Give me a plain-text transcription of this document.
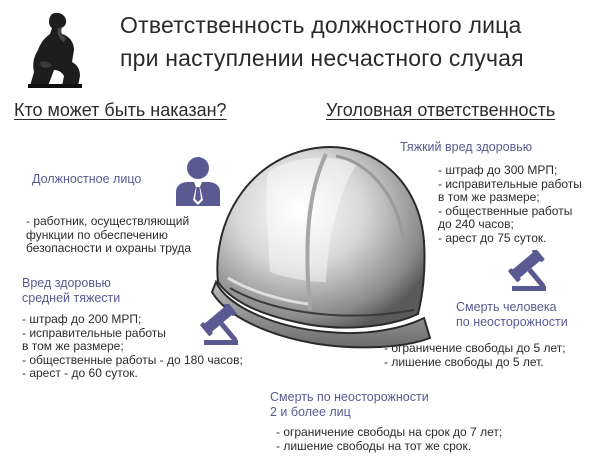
Ответственность должностного лица
при наступлении несчастного случая
Кто может быть наказан?	Уголовная ответственность
Должностное лицо
- работник, осуществляющий
функции по обеспечению
безопасности и охраны труда
Вред здоровью
средней тяжести
- штраф до 200 МРП;
- исправительные работы
в том же размере;
- общественные работы - до 180 часов;
- арест - до 60 суток.
Тяжкий вред здоровью
- штраф до 300 МРП;
- исправительные работы
в том же размере;
- общественные работы
до 240 часов;
- арест до 75 суток.
Смерть человека
по неосторожности
- ограничение свободы до 5 лет;
- лишение свободы до 5 лет.
Смерть по неосторожности
2 и более лиц
- ограничение свободы на срок до 7 лет;
- лишение свободы на тот же срок.
